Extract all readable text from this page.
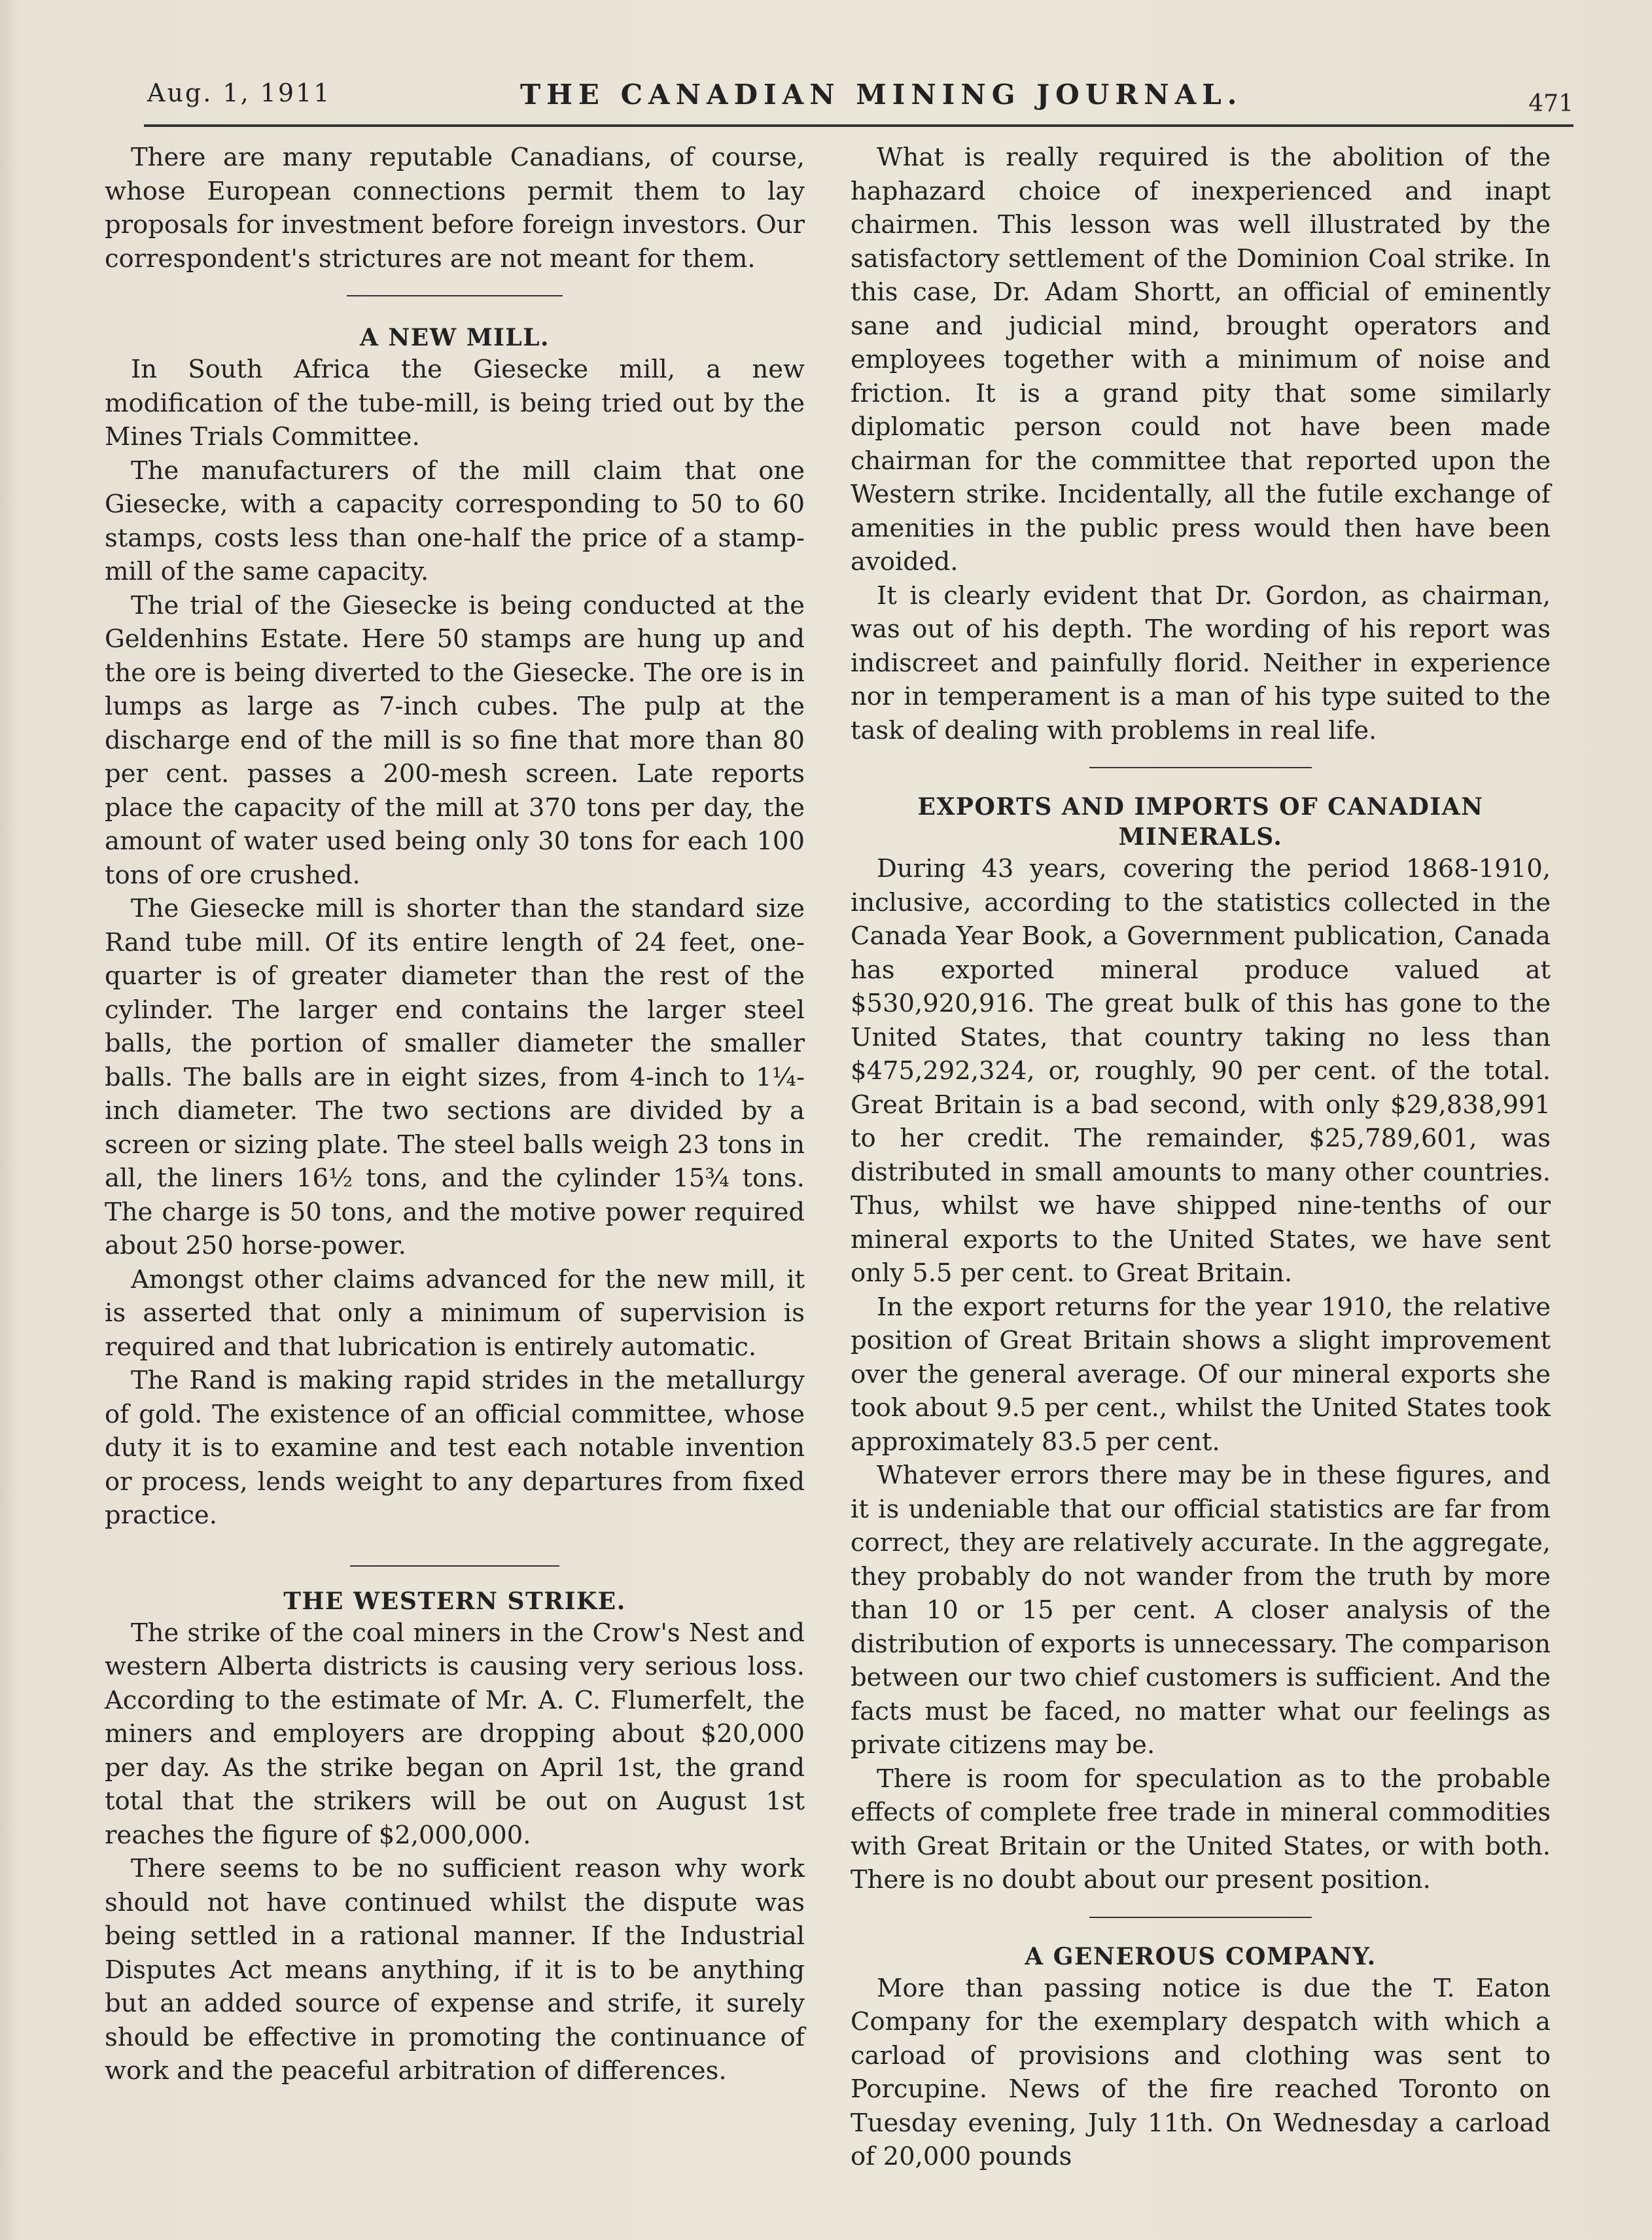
Aug. 1, 1911	THE CANADIAN MINING JOURNAL.	471

There are many reputable Canadians, of course, whose European connections permit them to lay proposals for investment before foreign investors. Our correspondent's strictures are not meant for them.

A NEW MILL.

In South Africa the Giesecke mill, a new modification of the tube-mill, is being tried out by the Mines Trials Committee.

The manufacturers of the mill claim that one Giesecke, with a capacity corresponding to 50 to 60 stamps, costs less than one-half the price of a stamp-mill of the same capacity.

The trial of the Giesecke is being conducted at the Geldenhins Estate. Here 50 stamps are hung up and the ore is being diverted to the Giesecke. The ore is in lumps as large as 7-inch cubes. The pulp at the discharge end of the mill is so fine that more than 80 per cent. passes a 200-mesh screen. Late reports place the capacity of the mill at 370 tons per day, the amount of water used being only 30 tons for each 100 tons of ore crushed.

The Giesecke mill is shorter than the standard size Rand tube mill. Of its entire length of 24 feet, one-quarter is of greater diameter than the rest of the cylinder. The larger end contains the larger steel balls, the portion of smaller diameter the smaller balls. The balls are in eight sizes, from 4-inch to 1¼-inch diameter. The two sections are divided by a screen or sizing plate. The steel balls weigh 23 tons in all, the liners 16½ tons, and the cylinder 15¾ tons. The charge is 50 tons, and the motive power required about 250 horse-power.

Amongst other claims advanced for the new mill, it is asserted that only a minimum of supervision is required and that lubrication is entirely automatic.

The Rand is making rapid strides in the metallurgy of gold. The existence of an official committee, whose duty it is to examine and test each notable invention or process, lends weight to any departures from fixed practice.

THE WESTERN STRIKE.

The strike of the coal miners in the Crow's Nest and western Alberta districts is causing very serious loss. According to the estimate of Mr. A. C. Flumerfelt, the miners and employers are dropping about $20,000 per day. As the strike began on April 1st, the grand total that the strikers will be out on August 1st reaches the figure of $2,000,000.

There seems to be no sufficient reason why work should not have continued whilst the dispute was being settled in a rational manner. If the Industrial Disputes Act means anything, if it is to be anything but an added source of expense and strife, it surely should be effective in promoting the continuance of work and the peaceful arbitration of differences.

What is really required is the abolition of the haphazard choice of inexperienced and inapt chairmen. This lesson was well illustrated by the satisfactory settlement of the Dominion Coal strike. In this case, Dr. Adam Shortt, an official of eminently sane and judicial mind, brought operators and employees together with a minimum of noise and friction. It is a grand pity that some similarly diplomatic person could not have been made chairman for the committee that reported upon the Western strike. Incidentally, all the futile exchange of amenities in the public press would then have been avoided.

It is clearly evident that Dr. Gordon, as chairman, was out of his depth. The wording of his report was indiscreet and painfully florid. Neither in experience nor in temperament is a man of his type suited to the task of dealing with problems in real life.

EXPORTS AND IMPORTS OF CANADIAN MINERALS.

During 43 years, covering the period 1868-1910, inclusive, according to the statistics collected in the Canada Year Book, a Government publication, Canada has exported mineral produce valued at $530,920,916. The great bulk of this has gone to the United States, that country taking no less than $475,292,324, or, roughly, 90 per cent. of the total. Great Britain is a bad second, with only $29,838,991 to her credit. The remainder, $25,789,601, was distributed in small amounts to many other countries. Thus, whilst we have shipped nine-tenths of our mineral exports to the United States, we have sent only 5.5 per cent. to Great Britain.

In the export returns for the year 1910, the relative position of Great Britain shows a slight improvement over the general average. Of our mineral exports she took about 9.5 per cent., whilst the United States took approximately 83.5 per cent.

Whatever errors there may be in these figures, and it is undeniable that our official statistics are far from correct, they are relatively accurate. In the aggregate, they probably do not wander from the truth by more than 10 or 15 per cent. A closer analysis of the distribution of exports is unnecessary. The comparison between our two chief customers is sufficient. And the facts must be faced, no matter what our feelings as private citizens may be.

There is room for speculation as to the probable effects of complete free trade in mineral commodities with Great Britain or the United States, or with both. There is no doubt about our present position.

A GENEROUS COMPANY.

More than passing notice is due the T. Eaton Company for the exemplary despatch with which a carload of provisions and clothing was sent to Porcupine. News of the fire reached Toronto on Tuesday evening, July 11th. On Wednesday a carload of 20,000 pounds
